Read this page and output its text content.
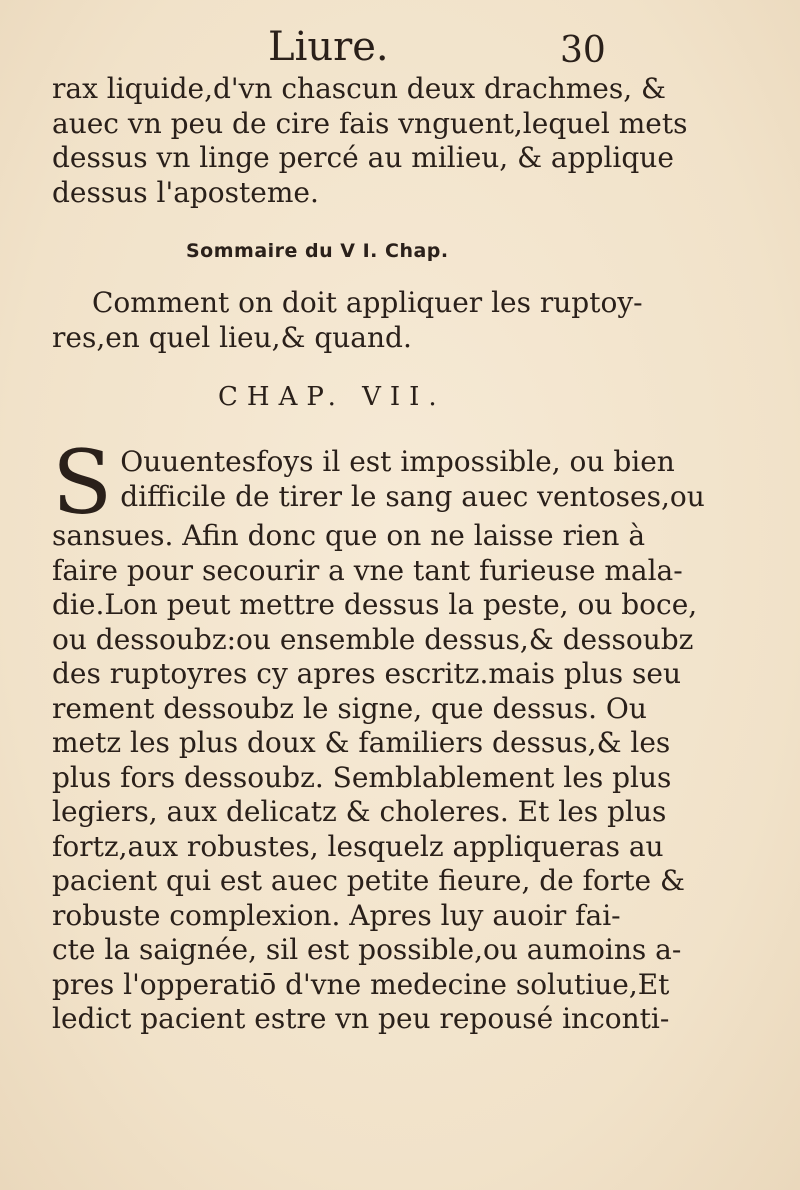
Liure.	30
rax liquide,d'vn chascun deux drachmes, &
auec vn peu de cire fais vnguent,lequel mets
dessus vn linge percé au milieu, & applique
dessus l'aposteme.
Sommaire du V I. Chap.
Comment on doit appliquer les ruptoy-
res,en quel lieu,& quand.
CHAP. VII.
S Ouuentesfoys il est impossible, ou bien
difficile de tirer le sang auec ventoses,ou
sansues. Afin donc que on ne laisse rien à
faire pour secourir a vne tant furieuse mala-
die.Lon peut mettre dessus la peste, ou boce,
ou dessoubz:ou ensemble dessus,& dessoubz
des ruptoyres cy apres escritz.mais plus seu
rement dessoubz le signe, que dessus. Ou
metz les plus doux & familiers dessus,& les
plus fors dessoubz. Semblablement les plus
legiers, aux delicatz & choleres. Et les plus
fortz,aux robustes, lesquelz appliqueras au
pacient qui est auec petite fieure, de forte &
robuste complexion. Apres luy auoir fai-
cte la saignée, sil est possible,ou aumoins a-
pres l'opperatiō d'vne medecine solutiue,Et
ledict pacient estre vn peu repousé inconti-
